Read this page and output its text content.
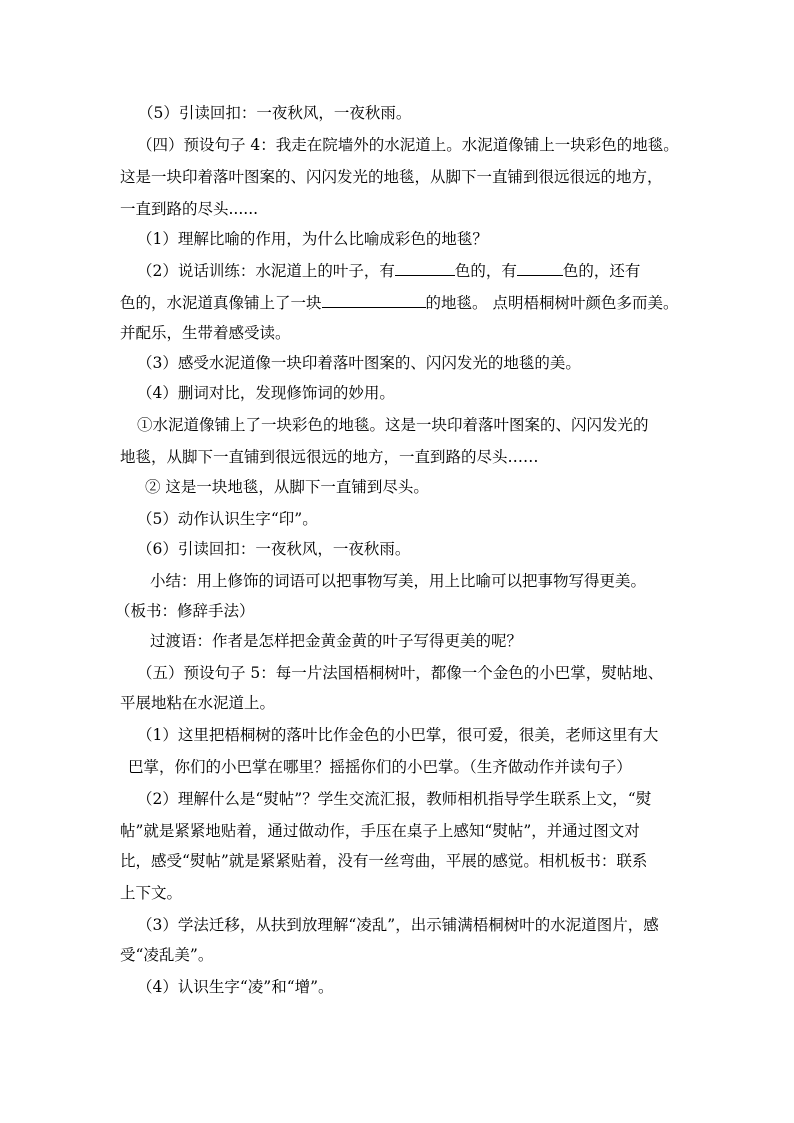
（5）引读回扣：一夜秋风，一夜秋雨。
（四）预设句子 4：我走在院墙外的水泥道上。水泥道像铺上一块彩色的地毯。
这是一块印着落叶图案的、闪闪发光的地毯，从脚下一直铺到很远很远的地方，
一直到路的尽头......
（1）理解比喻的作用，为什么比喻成彩色的地毯？
（2）说话训练：水泥道上的叶子，有	色的，有	色的，还有
色的，水泥道真像铺上了一块	的地毯。 点明梧桐树叶颜色多而美。
并配乐，生带着感受读。
（3）感受水泥道像一块印着落叶图案的、闪闪发光的地毯的美。
（4）删词对比，发现修饰词的妙用。
①水泥道像铺上了一块彩色的地毯。这是一块印着落叶图案的、闪闪发光的
地毯，从脚下一直铺到很远很远的地方，一直到路的尽头……
② 这是一块地毯，从脚下一直铺到尽头。
（5）动作认识生字“印”。
（6）引读回扣：一夜秋风，一夜秋雨。
小结：用上修饰的词语可以把事物写美，用上比喻可以把事物写得更美。
（板书：修辞手法）
过渡语：作者是怎样把金黄金黄的叶子写得更美的呢？
（五）预设句子 5：每一片法国梧桐树叶，都像一个金色的小巴掌，熨帖地、
平展地粘在水泥道上。
（1）这里把梧桐树的落叶比作金色的小巴掌，很可爱，很美，老师这里有大
巴掌，你们的小巴掌在哪里？摇摇你们的小巴掌。（生齐做动作并读句子）
（2）理解什么是“熨帖”？学生交流汇报，教师相机指导学生联系上文，“熨
帖”就是紧紧地贴着，通过做动作，手压在桌子上感知“熨帖”，并通过图文对
比，感受“熨帖”就是紧紧贴着，没有一丝弯曲，平展的感觉。相机板书：联系
上下文。
（3）学法迁移，从扶到放理解“凌乱”，出示铺满梧桐树叶的水泥道图片，感
受“凌乱美”。
（4）认识生字“凌”和“增”。
